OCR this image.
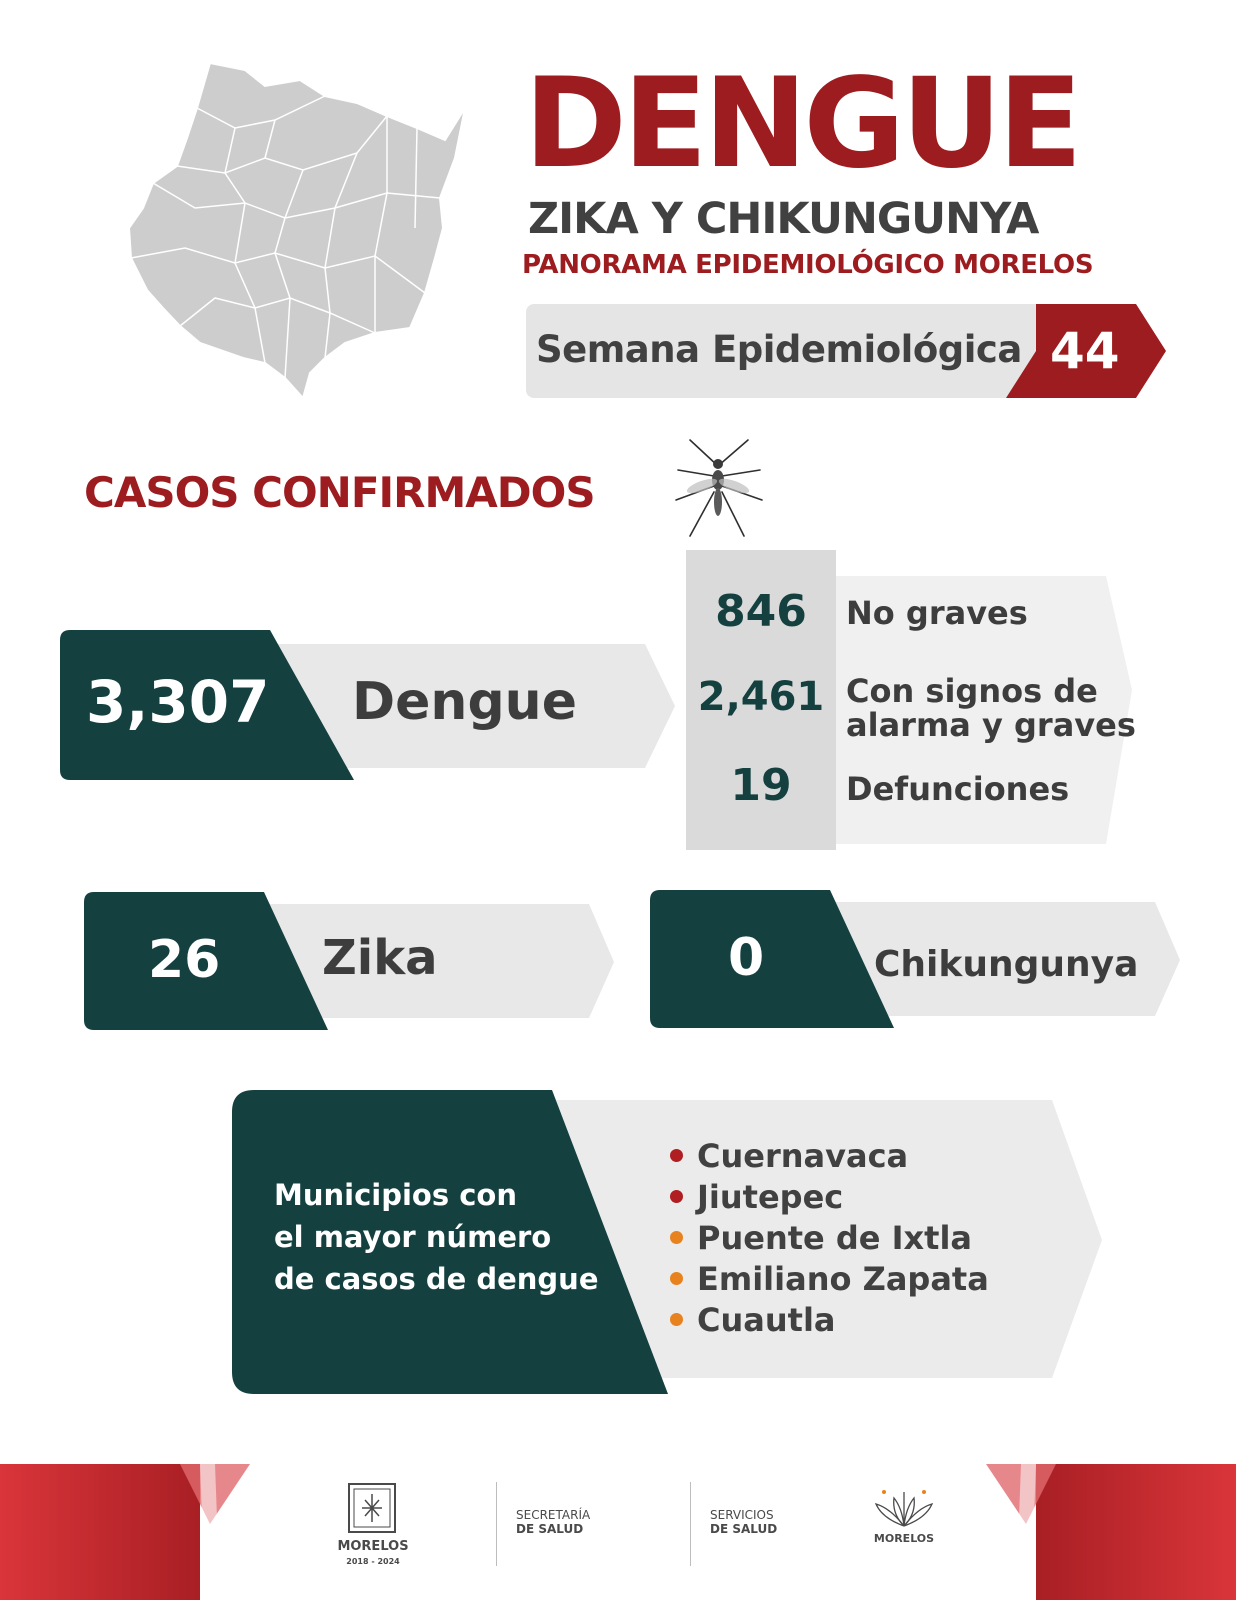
DENGUE
ZIKA Y CHIKUNGUNYA
PANORAMA EPIDEMIOLÓGICO MORELOS
Semana Epidemiológica 44
CASOS CONFIRMADOS
3,307 Dengue
846	No graves
2,461 Con signos de
alarma y graves
19	Defunciones
26 Zika	0	Chikungunya
Municipios con
el mayor número
de casos de dengue
Cuernavaca
Jiutepec
Puente de Ixtla
Emiliano Zapata
Cuautla
MORELOS
2018 - 2024
SECRETARÍA
DE SALUD
SERVICIOS
DE SALUD
MORELOS
